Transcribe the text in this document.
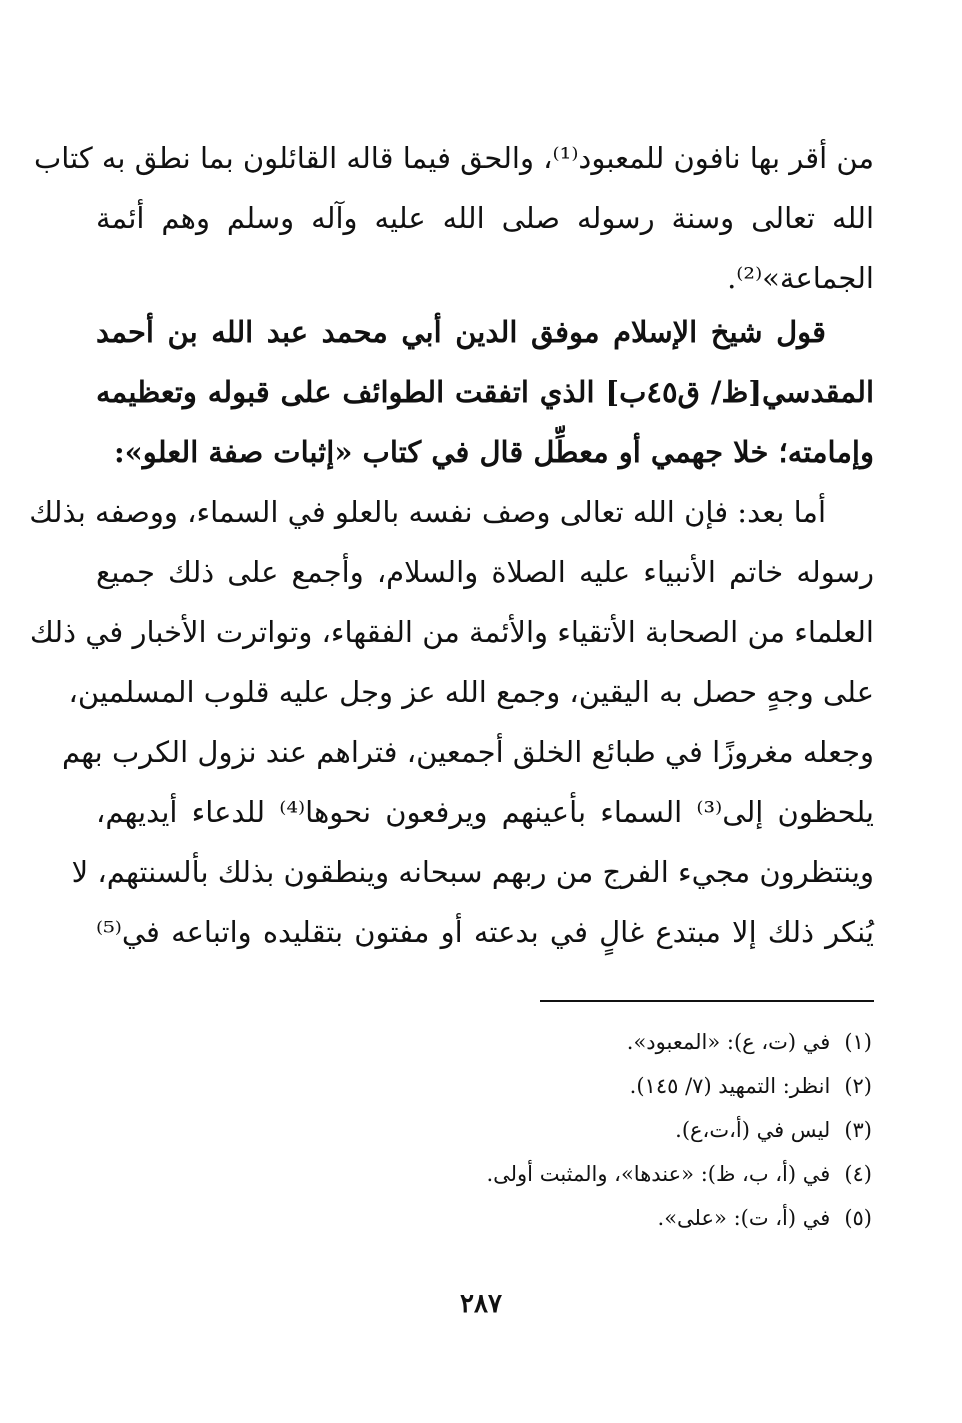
من أقر بها نافون للمعبود⁽¹⁾، والحق فيما قاله القائلون بما نطق به كتاب
الله تعالى وسنة رسوله صلى الله عليه وآله وسلم وهم أئمة
الجماعة»⁽²⁾.
قول شيخ الإسلام موفق الدين أبي محمد عبد الله بن أحمد
المقدسي[ظ/ ق٤٥ب] الذي اتفقت الطوائف على قبوله وتعظيمه
وإمامته؛ خلا جهمي أو معطِّل قال في كتاب «إثبات صفة العلو»:
أما بعد: فإن الله تعالى وصف نفسه بالعلو في السماء، ووصفه بذلك
رسوله خاتم الأنبياء عليه الصلاة والسلام، وأجمع على ذلك جميع
العلماء من الصحابة الأتقياء والأئمة من الفقهاء، وتواترت الأخبار في ذلك
على وجهٍ حصل به اليقين، وجمع الله عز وجل عليه قلوب المسلمين،
وجعله مغروزًا في طبائع الخلق أجمعين، فتراهم عند نزول الكرب بهم
يلحظون إلى⁽³⁾ السماء بأعينهم ويرفعون نحوها⁽⁴⁾ للدعاء أيديهم،
وينتظرون مجيء الفرج من ربهم سبحانه وينطقون بذلك بألسنتهم، لا
يُنكر ذلك إلا مبتدع غالٍ في بدعته أو مفتون بتقليده واتباعه في⁽⁵⁾
(١)في (ت، ع): «المعبود».
(٢)انظر: التمهيد (٧/ ١٤٥).
(٣)ليس في (أ،ت،ع).
(٤)في (أ، ب، ظ): «عندها»، والمثبت أولى.
(٥)في (أ، ت): «على».
٢٨٧
